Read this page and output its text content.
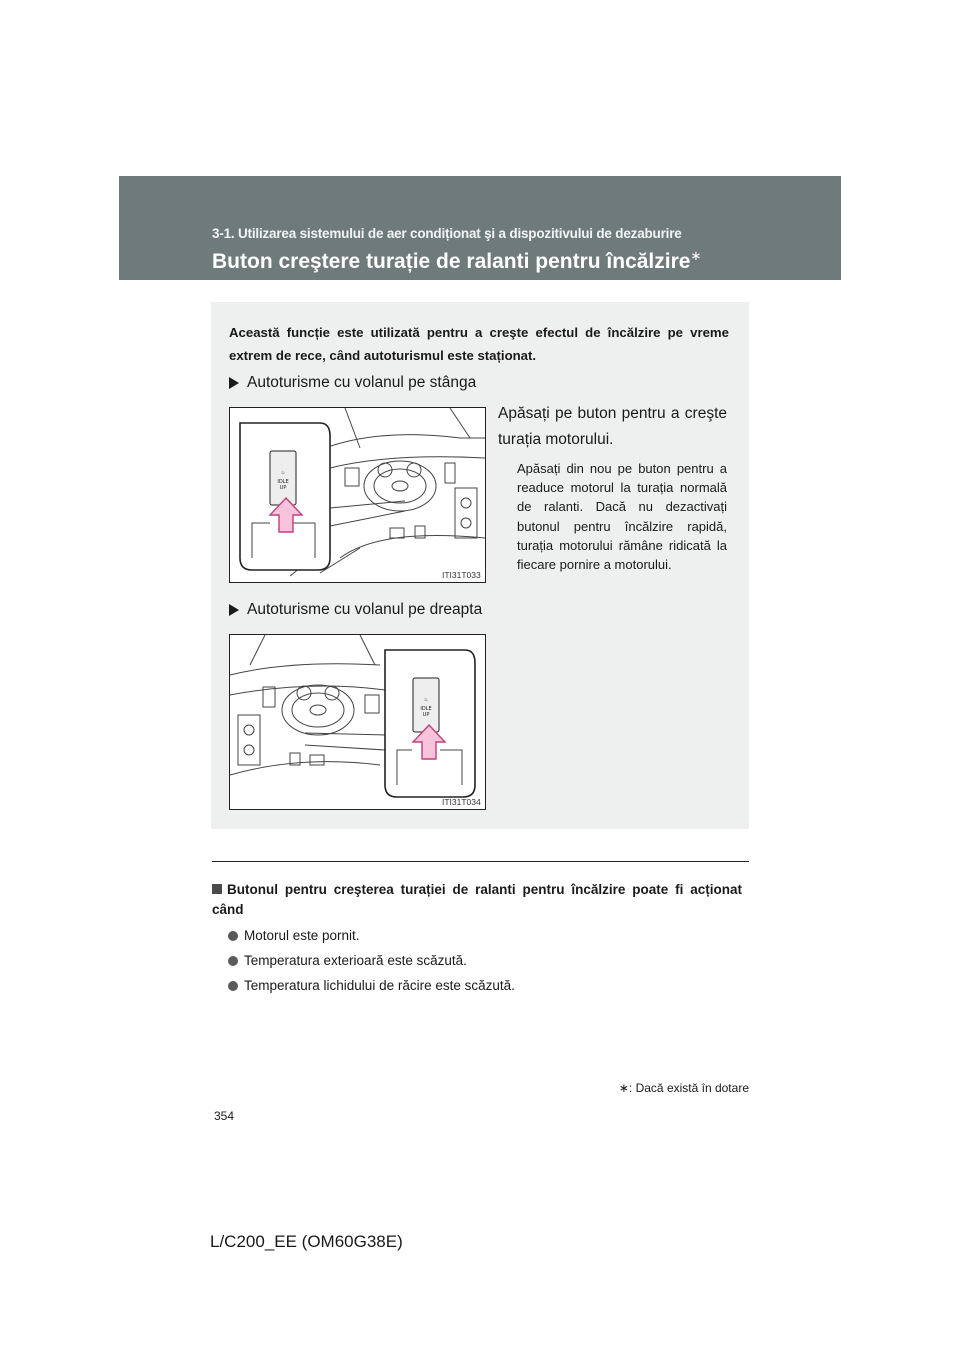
3-1. Utilizarea sistemului de aer condiționat şi a dispozitivului de dezaburire
Buton creştere turație de ralanti pentru încălzire∗
Această funcție este utilizată pentru a creşte efectul de încălzire pe vreme extrem de rece, când autoturismul este staționat.
Autoturisme cu volanul pe stânga
♨
IDLE
UP
ITI31T033
Apăsați pe buton pentru a creşte turația motorului.
Apăsați din nou pe buton pentru a readuce motorul la turația normală de ralanti. Dacă nu dezactivați butonul pentru încălzire rapidă, turația motorului rămâne ridicată la fiecare pornire a motorului.
Autoturisme cu volanul pe dreapta
♨
IDLE
UP
ITI31T034
Butonul pentru creşterea turației de ralanti pentru încălzire poate fi acționat când
Motorul este pornit.
Temperatura exterioară este scăzută.
Temperatura lichidului de răcire este scăzută.
∗: Dacă există în dotare
354
L/C200_EE (OM60G38E)
